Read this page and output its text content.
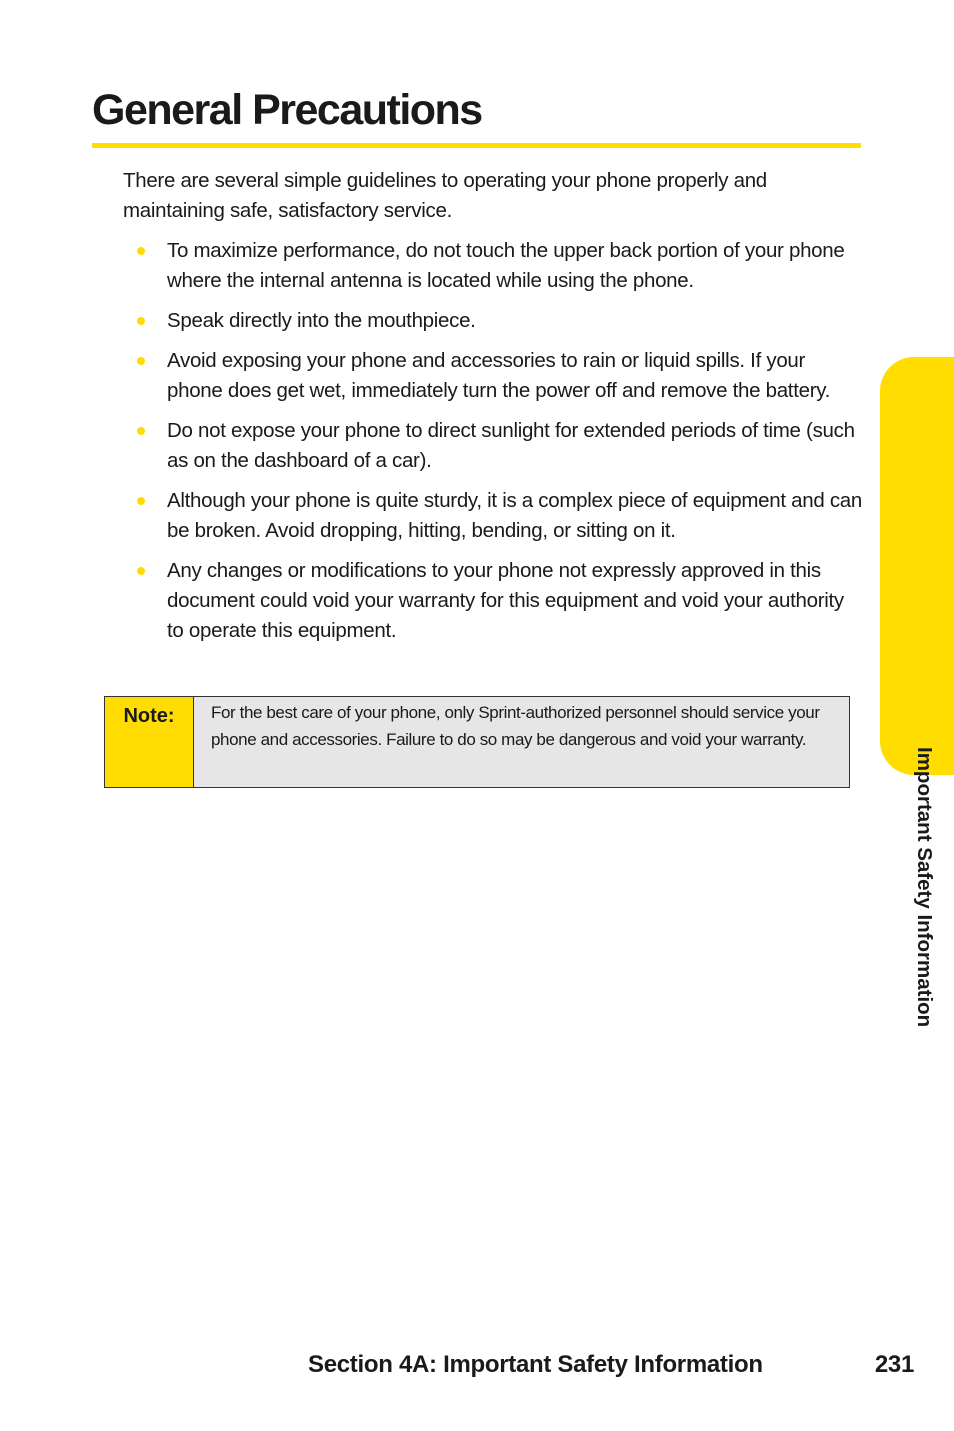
General Precautions

There are several simple guidelines to operating your phone properly and maintaining safe, satisfactory service.

To maximize performance, do not touch the upper back portion of your phone where the internal antenna is located while using the phone.
Speak directly into the mouthpiece.
Avoid exposing your phone and accessories to rain or liquid spills. If your phone does get wet, immediately turn the power off and remove the battery.
Do not expose your phone to direct sunlight for extended periods of time (such as on the dashboard of a car).
Although your phone is quite sturdy, it is a complex piece of equipment and can be broken. Avoid dropping, hitting, bending, or sitting on it.
Any changes or modifications to your phone not expressly approved in this document could void your warranty for this equipment and void your authority to operate this equipment.
Note:	For the best care of your phone, only Sprint-authorized personnel should service your phone and accessories. Failure to do so may be dangerous and void your warranty.
Important Safety Information
Section 4A: Important Safety Information	231
